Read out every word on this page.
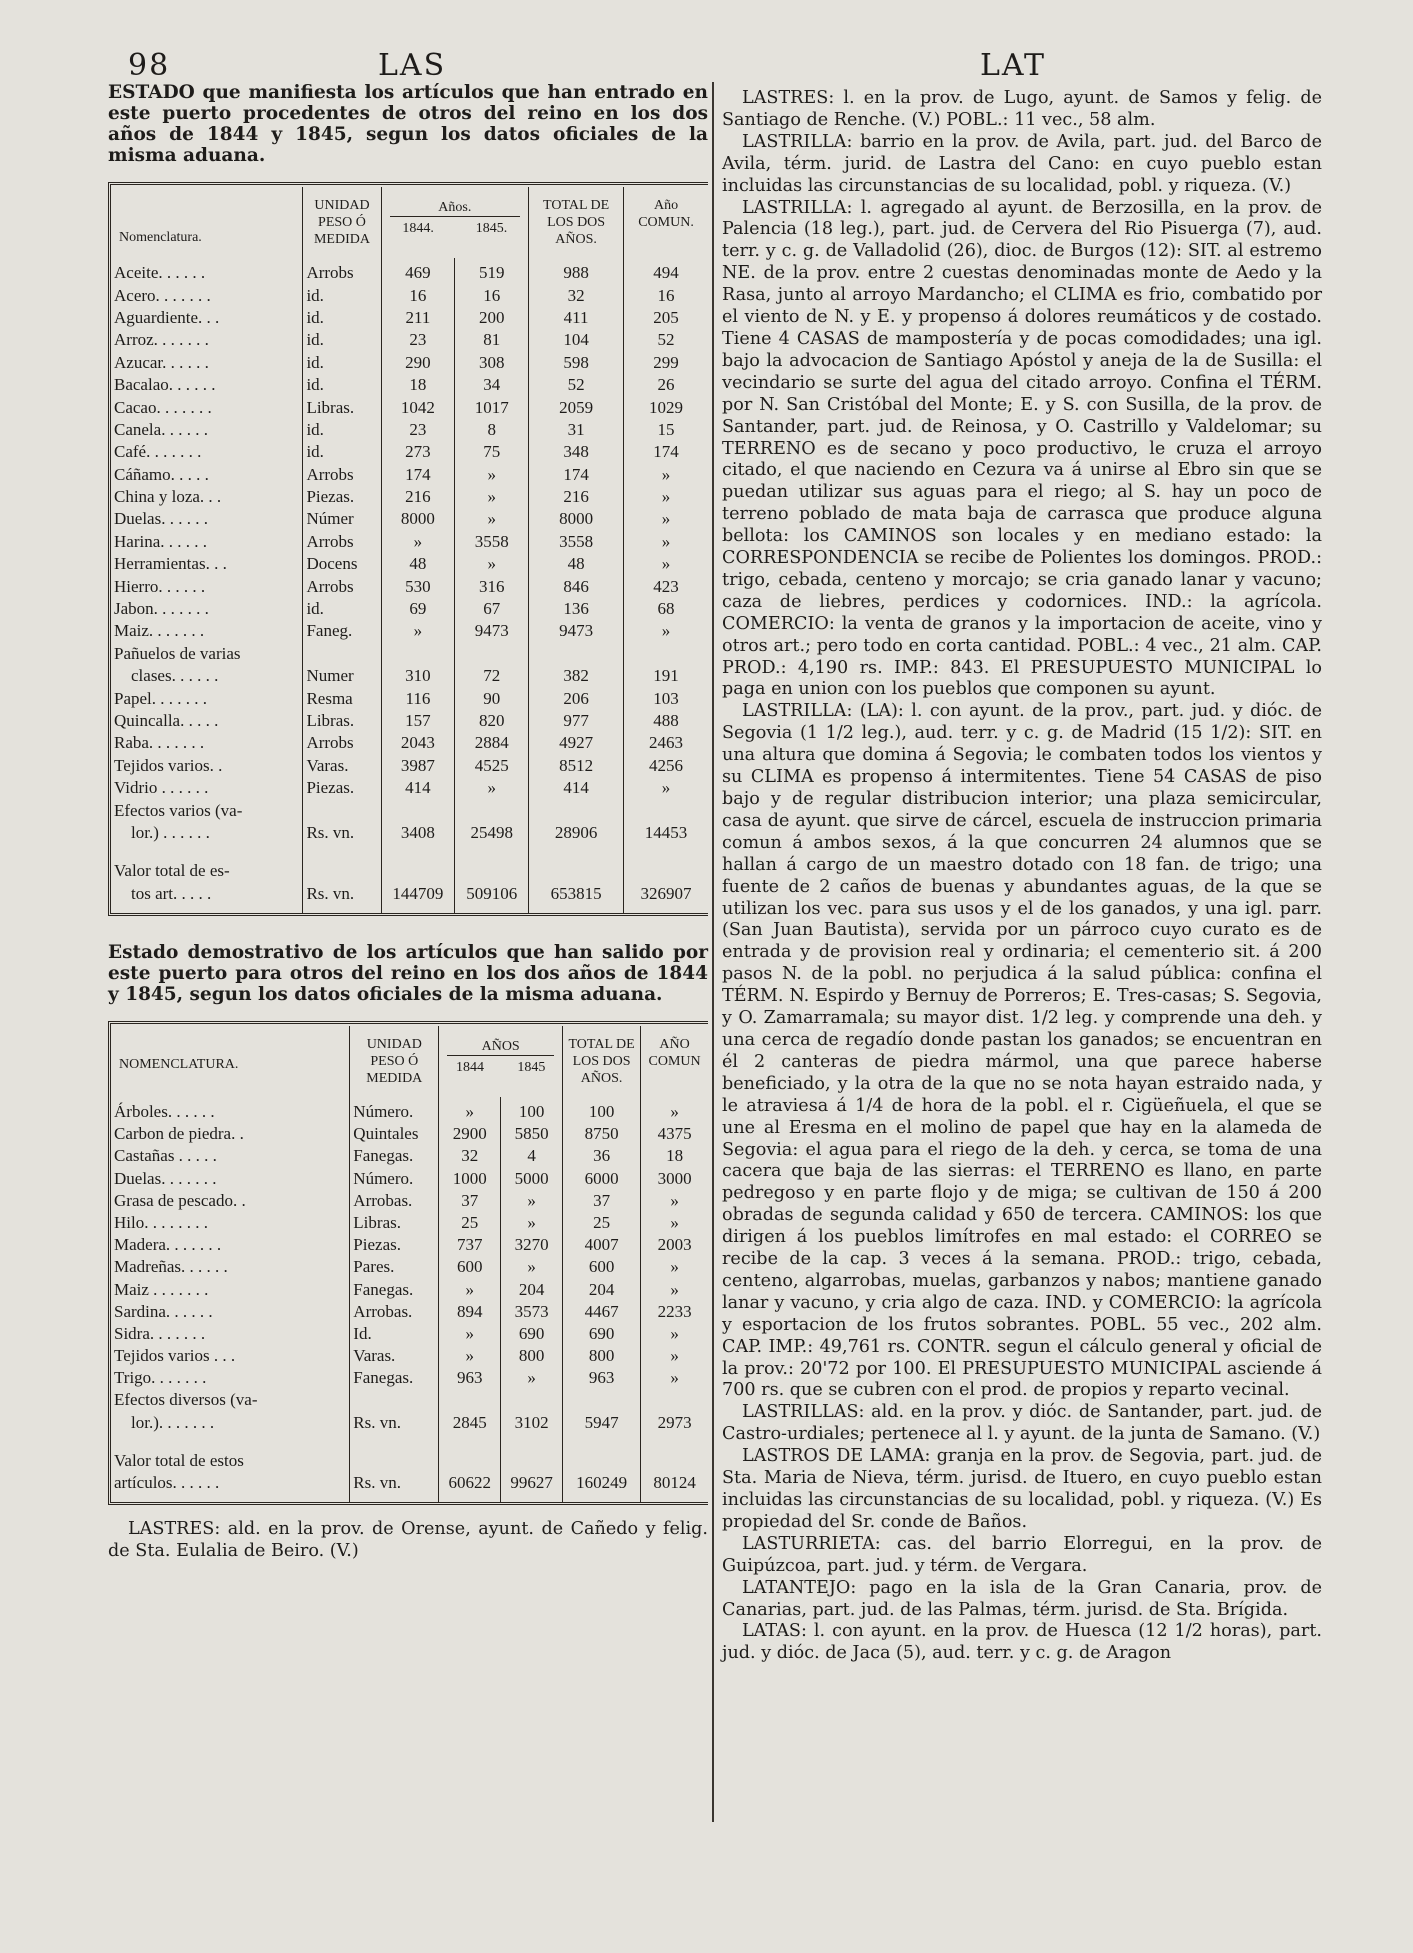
98	LAS	LAT

ESTADO que manifiesta los artículos que han entrado en este puerto procedentes de otros del reino en los dos años de 1844 y 1845, segun los datos oficiales de la misma aduana.

Nomenclatura.	UNIDAD PESO Ó MEDIDA	Años.
1844. 1845.		TOTAL DE LOS DOS AÑOS.	Año COMUN.
Aceite. . . . . .	Arrobs	469	519	988	494
Acero. . . . . . .	id.	16	16	32	16
Aguardiente. . .	id.	211	200	411	205
Arroz. . . . . . .	id.	23	81	104	52
Azucar. . . . . .	id.	290	308	598	299
Bacalao. . . . . .	id.	18	34	52	26
Cacao. . . . . . .	Libras.	1042	1017	2059	1029
Canela. . . . . .	id.	23	8	31	15
Café. . . . . . .	id.	273	75	348	174
Cáñamo. . . . .	Arrobs	174	»	174	»
China y loza. . .	Piezas.	216	»	216	»
Duelas. . . . . .	Númer	8000	»	8000	»
Harina. . . . . .	Arrobs	»	3558	3558	»
Herramientas. . .	Docens	48	»	48	»
Hierro. . . . . .	Arrobs	530	316	846	423
Jabon. . . . . . .	id.	69	67	136	68
Maiz. . . . . . .	Faneg.	»	9473	9473	»
Pañuelos de varias					
clases. . . . . .	Numer	310	72	382	191
Papel. . . . . . .	Resma	116	90	206	103
Quincalla. . . . .	Libras.	157	820	977	488
Raba. . . . . . .	Arrobs	2043	2884	4927	2463
Tejidos varios. .	Varas.	3987	4525	8512	4256
Vidrio . . . . . .	Piezas.	414	»	414	»
Efectos varios (va-					
lor.) . . . . . .	Rs. vn.	3408	25498	28906	14453

Valor total de es-					
tos art. . . . .	Rs. vn.	144709	509106	653815	326907

Estado demostrativo de los artículos que han salido por este puerto para otros del reino en los dos años de 1844 y 1845, segun los datos oficiales de la misma aduana.

NOMENCLATURA.	UNIDAD PESO Ó MEDIDA	AÑOS
1844 1845		TOTAL DE LOS DOS AÑOS.	AÑO COMUN
Árboles. . . . . .	Número.	»	100	100	»
Carbon de piedra. .	Quintales	2900	5850	8750	4375
Castañas . . . . .	Fanegas.	32	4	36	18
Duelas. . . . . . .	Número.	1000	5000	6000	3000
Grasa de pescado. .	Arrobas.	37	»	37	»
Hilo. . . . . . . .	Libras.	25	»	25	»
Madera. . . . . . .	Piezas.	737	3270	4007	2003
Madreñas. . . . . .	Pares.	600	»	600	»
Maiz . . . . . . .	Fanegas.	»	204	204	»
Sardina. . . . . .	Arrobas.	894	3573	4467	2233
Sidra. . . . . . .	Id.	»	690	690	»
Tejidos varios . . .	Varas.	»	800	800	»
Trigo. . . . . . .	Fanegas.	963	»	963	»
Efectos diversos (va-					
lor.). . . . . . .	Rs. vn.	2845	3102	5947	2973

Valor total de estos					
artículos. . . . . .	Rs. vn.	60622	99627	160249	80124

LASTRES: ald. en la prov. de Orense, ayunt. de Cañedo y felig. de Sta. Eulalia de Beiro. (V.)

LASTRES: l. en la prov. de Lugo, ayunt. de Samos y felig. de Santiago de Renche. (V.) POBL.: 11 vec., 58 alm.

LASTRILLA: barrio en la prov. de Avila, part. jud. del Barco de Avila, térm. jurid. de Lastra del Cano: en cuyo pueblo estan incluidas las circunstancias de su localidad, pobl. y riqueza. (V.)

LASTRILLA: l. agregado al ayunt. de Berzosilla, en la prov. de Palencia (18 leg.), part. jud. de Cervera del Rio Pisuerga (7), aud. terr. y c. g. de Valladolid (26), dioc. de Burgos (12): SIT. al estremo NE. de la prov. entre 2 cuestas denominadas monte de Aedo y la Rasa, junto al arroyo Mardancho; el CLIMA es frio, combatido por el viento de N. y E. y propenso á dolores reumáticos y de costado. Tiene 4 CASAS de mampostería y de pocas comodidades; una igl. bajo la advocacion de Santiago Apóstol y aneja de la de Susilla: el vecindario se surte del agua del citado arroyo. Confina el TÉRM. por N. San Cristóbal del Monte; E. y S. con Susilla, de la prov. de Santander, part. jud. de Reinosa, y O. Castrillo y Valdelomar; su TERRENO es de secano y poco productivo, le cruza el arroyo citado, el que naciendo en Cezura va á unirse al Ebro sin que se puedan utilizar sus aguas para el riego; al S. hay un poco de terreno poblado de mata baja de carrasca que produce alguna bellota: los CAMINOS son locales y en mediano estado: la CORRESPONDENCIA se recibe de Polientes los domingos. PROD.: trigo, cebada, centeno y morcajo; se cria ganado lanar y vacuno; caza de liebres, perdices y codornices. IND.: la agrícola. COMERCIO: la venta de granos y la importacion de aceite, vino y otros art.; pero todo en corta cantidad. POBL.: 4 vec., 21 alm. CAP. PROD.: 4,190 rs. IMP.: 843. El PRESUPUESTO MUNICIPAL lo paga en union con los pueblos que componen su ayunt.

LASTRILLA: (LA): l. con ayunt. de la prov., part. jud. y dióc. de Segovia (1 1/2 leg.), aud. terr. y c. g. de Madrid (15 1/2): SIT. en una altura que domina á Segovia; le combaten todos los vientos y su CLIMA es propenso á intermitentes. Tiene 54 CASAS de piso bajo y de regular distribucion interior; una plaza semicircular, casa de ayunt. que sirve de cárcel, escuela de instruccion primaria comun á ambos sexos, á la que concurren 24 alumnos que se hallan á cargo de un maestro dotado con 18 fan. de trigo; una fuente de 2 caños de buenas y abundantes aguas, de la que se utilizan los vec. para sus usos y el de los ganados, y una igl. parr. (San Juan Bautista), servida por un párroco cuyo curato es de entrada y de provision real y ordinaria; el cementerio sit. á 200 pasos N. de la pobl. no perjudica á la salud pública: confina el TÉRM. N. Espirdo y Bernuy de Porreros; E. Tres-casas; S. Segovia, y O. Zamarramala; su mayor dist. 1/2 leg. y comprende una deh. y una cerca de regadío donde pastan los ganados; se encuentran en él 2 canteras de piedra mármol, una que parece haberse beneficiado, y la otra de la que no se nota hayan estraido nada, y le atraviesa á 1/4 de hora de la pobl. el r. Cigüeñuela, el que se une al Eresma en el molino de papel que hay en la alameda de Segovia: el agua para el riego de la deh. y cerca, se toma de una cacera que baja de las sierras: el TERRENO es llano, en parte pedregoso y en parte flojo y de miga; se cultivan de 150 á 200 obradas de segunda calidad y 650 de tercera. CAMINOS: los que dirigen á los pueblos limítrofes en mal estado: el CORREO se recibe de la cap. 3 veces á la semana. PROD.: trigo, cebada, centeno, algarrobas, muelas, garbanzos y nabos; mantiene ganado lanar y vacuno, y cria algo de caza. IND. y COMERCIO: la agrícola y esportacion de los frutos sobrantes. POBL. 55 vec., 202 alm. CAP. IMP.: 49,761 rs. CONTR. segun el cálculo general y oficial de la prov.: 20'72 por 100. El PRESUPUESTO MUNICIPAL asciende á 700 rs. que se cubren con el prod. de propios y reparto vecinal.

LASTRILLAS: ald. en la prov. y dióc. de Santander, part. jud. de Castro-urdiales; pertenece al l. y ayunt. de la junta de Samano. (V.)

LASTROS DE LAMA: granja en la prov. de Segovia, part. jud. de Sta. Maria de Nieva, térm. jurisd. de Ituero, en cuyo pueblo estan incluidas las circunstancias de su localidad, pobl. y riqueza. (V.) Es propiedad del Sr. conde de Baños.

LASTURRIETA: cas. del barrio Elorregui, en la prov. de Guipúzcoa, part. jud. y térm. de Vergara.

LATANTEJO: pago en la isla de la Gran Canaria, prov. de Canarias, part. jud. de las Palmas, térm. jurisd. de Sta. Brígida.

LATAS: l. con ayunt. en la prov. de Huesca (12 1/2 horas), part. jud. y dióc. de Jaca (5), aud. terr. y c. g. de Aragon
